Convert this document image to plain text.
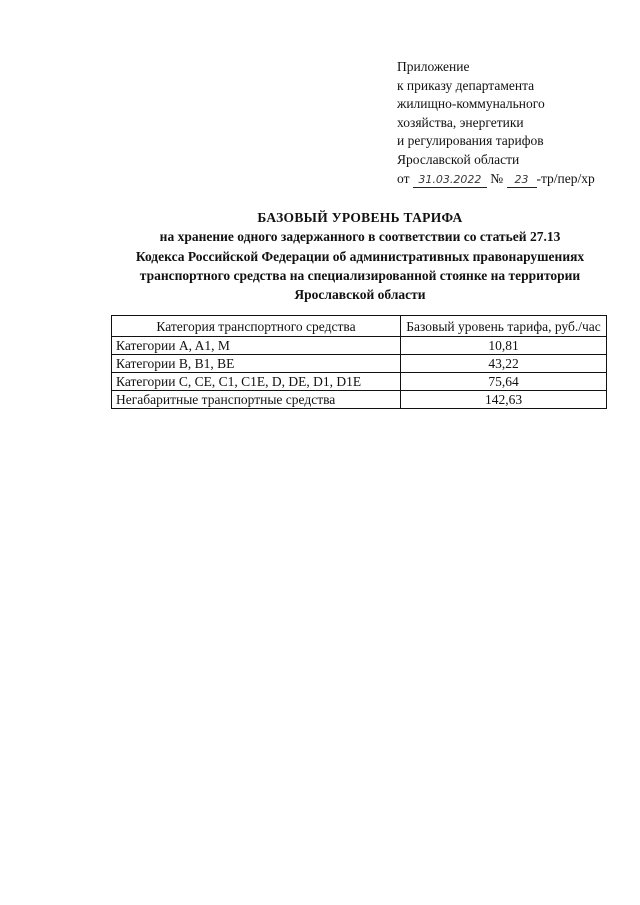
Приложение
к приказу департамента
жилищно-коммунального
хозяйства, энергетики
и регулирования тарифов
Ярославской области
от 31.03.2022 № 23 -тр/пер/хр
БАЗОВЫЙ УРОВЕНЬ ТАРИФА
на хранение одного задержанного в соответствии со статьей 27.13
Кодекса Российской Федерации об административных правонарушениях
транспортного средства на специализированной стоянке на территории
Ярославской области
Категория транспортного средства	Базовый уровень тарифа, руб./час
Категории A, A1, M	10,81
Категории B, B1, BE	43,22
Категории C, CE, C1, C1E, D, DE, D1, D1E	75,64
Негабаритные транспортные средства	142,63
